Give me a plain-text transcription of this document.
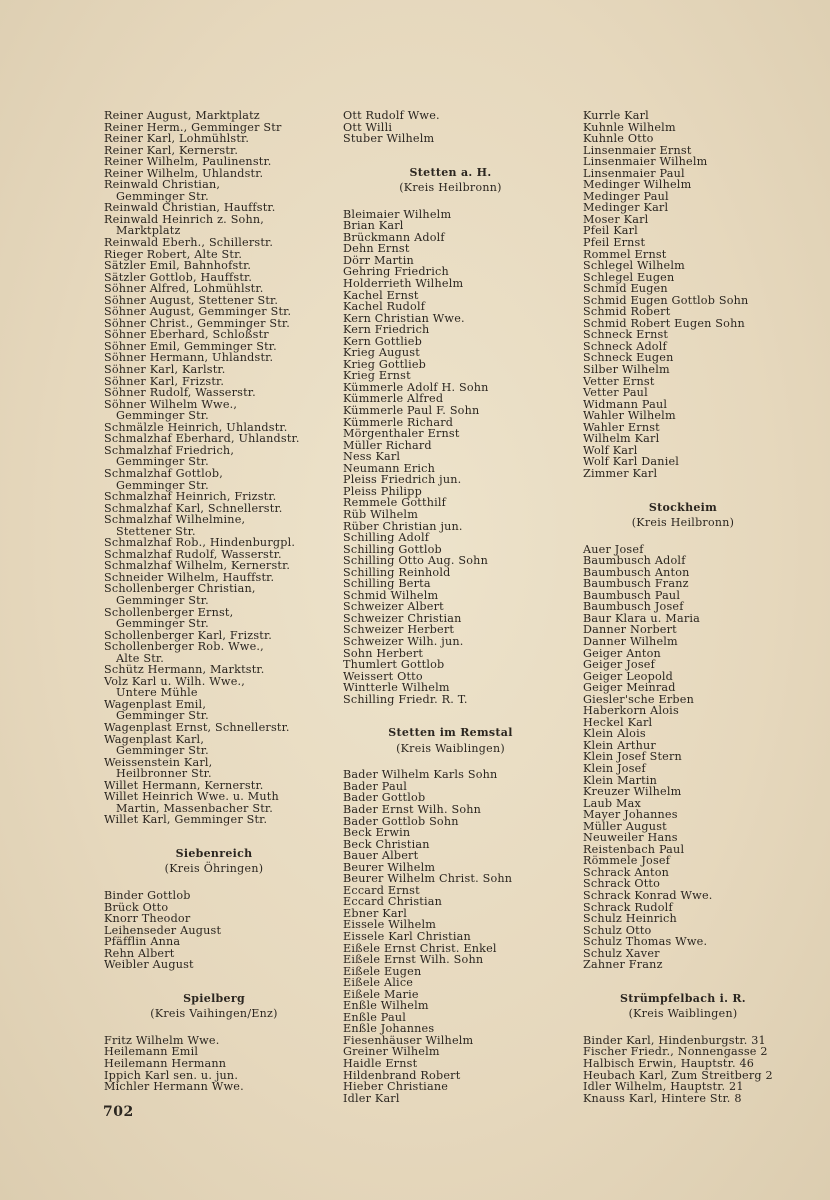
Reiner August, Marktplatz
Reiner Herm., Gemminger Str
Reiner Karl, Lohmühlstr.
Reiner Karl, Kernerstr.
Reiner Wilhelm, Paulinenstr.
Reiner Wilhelm, Uhlandstr.
Reinwald Christian,
Gemminger Str.
Reinwald Christian, Hauffstr.
Reinwald Heinrich z. Sohn,
Marktplatz
Reinwald Eberh., Schillerstr.
Rieger Robert, Alte Str.
Sätzler Emil, Bahnhofstr.
Sätzler Gottlob, Hauffstr.
Söhner Alfred, Lohmühlstr.
Söhner August, Stettener Str.
Söhner August, Gemminger Str.
Söhner Christ., Gemminger Str.
Söhner Eberhard, Schloßstr
Söhner Emil, Gemminger Str.
Söhner Hermann, Uhlandstr.
Söhner Karl, Karlstr.
Söhner Karl, Frizstr.
Söhner Rudolf, Wasserstr.
Söhner Wilhelm Wwe.,
Gemminger Str.
Schmälzle Heinrich, Uhlandstr.
Schmalzhaf Eberhard, Uhlandstr.
Schmalzhaf Friedrich,
Gemminger Str.
Schmalzhaf Gottlob,
Gemminger Str.
Schmalzhaf Heinrich, Frizstr.
Schmalzhaf Karl, Schnellerstr.
Schmalzhaf Wilhelmine,
Stettener Str.
Schmalzhaf Rob., Hindenburgpl.
Schmalzhaf Rudolf, Wasserstr.
Schmalzhaf Wilhelm, Kernerstr.
Schneider Wilhelm, Hauffstr.
Schollenberger Christian,
Gemminger Str.
Schollenberger Ernst,
Gemminger Str.
Schollenberger Karl, Frizstr.
Schollenberger Rob. Wwe.,
Alte Str.
Schütz Hermann, Marktstr.
Volz Karl u. Wilh. Wwe.,
Untere Mühle
Wagenplast Emil,
Gemminger Str.
Wagenplast Ernst, Schnellerstr.
Wagenplast Karl,
Gemminger Str.
Weissenstein Karl,
Heilbronner Str.
Willet Hermann, Kernerstr.
Willet Heinrich Wwe. u. Muth
Martin, Massenbacher Str.
Willet Karl, Gemminger Str.
Siebenreich
(Kreis Öhringen)
Binder Gottlob
Brück Otto
Knorr Theodor
Leihenseder August
Pfäfflin Anna
Rehn Albert
Weibler August
Spielberg
(Kreis Vaihingen/Enz)
Fritz Wilhelm Wwe.
Heilemann Emil
Heilemann Hermann
Ippich Karl sen. u. jun.
Michler Hermann Wwe.
Ott Rudolf Wwe.
Ott Willi
Stuber Wilhelm
Stetten a. H.
(Kreis Heilbronn)
Bleimaier Wilhelm
Brian Karl
Brückmann Adolf
Dehn Ernst
Dörr Martin
Gehring Friedrich
Holderrieth Wilhelm
Kachel Ernst
Kachel Rudolf
Kern Christian Wwe.
Kern Friedrich
Kern Gottlieb
Krieg August
Krieg Gottlieb
Krieg Ernst
Kümmerle Adolf H. Sohn
Kümmerle Alfred
Kümmerle Paul F. Sohn
Kümmerle Richard
Mörgenthaler Ernst
Müller Richard
Ness Karl
Neumann Erich
Pleiss Friedrich jun.
Pleiss Philipp
Remmele Gotthilf
Rüb Wilhelm
Rüber Christian jun.
Schilling Adolf
Schilling Gottlob
Schilling Otto Aug. Sohn
Schilling Reinhold
Schilling Berta
Schmid Wilhelm
Schweizer Albert
Schweizer Christian
Schweizer Herbert
Schweizer Wilh. jun.
Sohn Herbert
Thumlert Gottlob
Weissert Otto
Wintterle Wilhelm
Schilling Friedr. R. T.
Stetten im Remstal
(Kreis Waiblingen)
Bader Wilhelm Karls Sohn
Bader Paul
Bader Gottlob
Bader Ernst Wilh. Sohn
Bader Gottlob Sohn
Beck Erwin
Beck Christian
Bauer Albert
Beurer Wilhelm
Beurer Wilhelm Christ. Sohn
Eccard Ernst
Eccard Christian
Ebner Karl
Eissele Wilhelm
Eissele Karl Christian
Eißele Ernst Christ. Enkel
Eißele Ernst Wilh. Sohn
Eißele Eugen
Eißele Alice
Eißele Marie
Enßle Wilhelm
Enßle Paul
Enßle Johannes
Fiesenhäuser Wilhelm
Greiner Wilhelm
Haidle Ernst
Hildenbrand Robert
Hieber Christiane
Idler Karl
Kurrle Karl
Kuhnle Wilhelm
Kuhnle Otto
Linsenmaier Ernst
Linsenmaier Wilhelm
Linsenmaier Paul
Medinger Wilhelm
Medinger Paul
Medinger Karl
Moser Karl
Pfeil Karl
Pfeil Ernst
Rommel Ernst
Schlegel Wilhelm
Schlegel Eugen
Schmid Eugen
Schmid Eugen Gottlob Sohn
Schmid Robert
Schmid Robert Eugen Sohn
Schneck Ernst
Schneck Adolf
Schneck Eugen
Silber Wilhelm
Vetter Ernst
Vetter Paul
Widmann Paul
Wahler Wilhelm
Wahler Ernst
Wilhelm Karl
Wolf Karl
Wolf Karl Daniel
Zimmer Karl
Stockheim
(Kreis Heilbronn)
Auer Josef
Baumbusch Adolf
Baumbusch Anton
Baumbusch Franz
Baumbusch Paul
Baumbusch Josef
Baur Klara u. Maria
Danner Norbert
Danner Wilhelm
Geiger Anton
Geiger Josef
Geiger Leopold
Geiger Meinrad
Giesler'sche Erben
Haberkorn Alois
Heckel Karl
Klein Alois
Klein Arthur
Klein Josef Stern
Klein Josef
Klein Martin
Kreuzer Wilhelm
Laub Max
Mayer Johannes
Müller August
Neuweiler Hans
Reistenbach Paul
Römmele Josef
Schrack Anton
Schrack Otto
Schrack Konrad Wwe.
Schrack Rudolf
Schulz Heinrich
Schulz Otto
Schulz Thomas Wwe.
Schulz Xaver
Zahner Franz
Strümpfelbach i. R.
(Kreis Waiblingen)
Binder Karl, Hindenburgstr. 31
Fischer Friedr., Nonnengasse 2
Halbisch Erwin, Hauptstr. 46
Heubach Karl, Zum Streitberg 2
Idler Wilhelm, Hauptstr. 21
Knauss Karl, Hintere Str. 8
702
